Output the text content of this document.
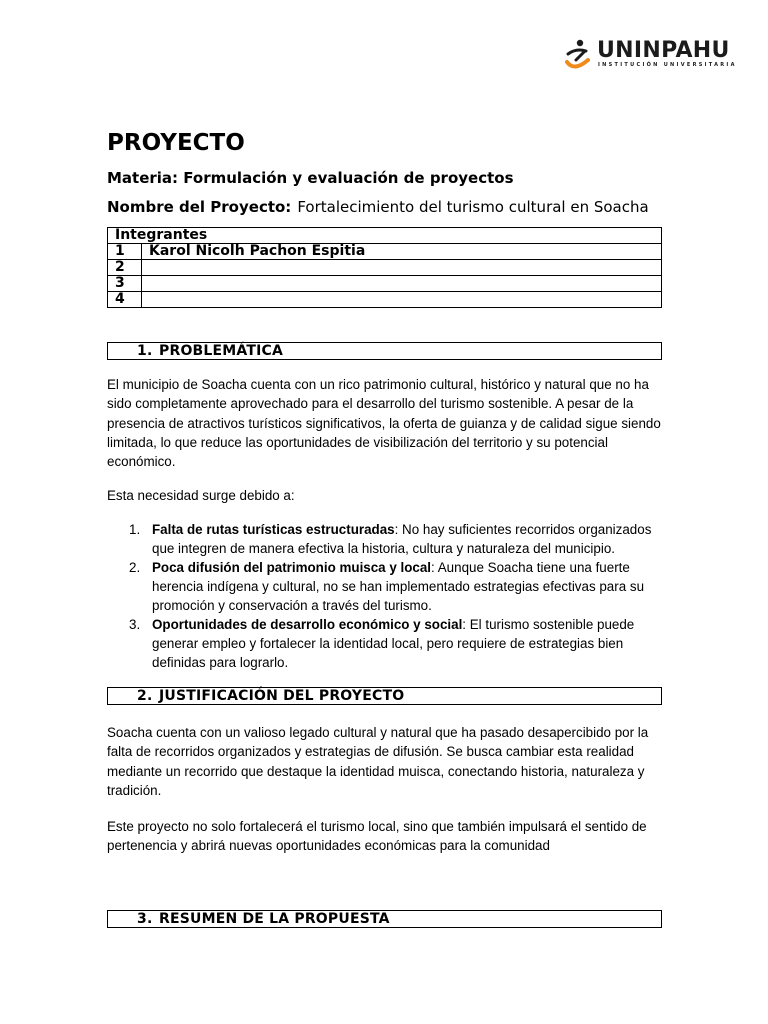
UNINPAHU
INSTITUCIÓN UNIVERSITARIA
PROYECTO
Materia: Formulación y evaluación de proyectos
Nombre del Proyecto: Fortalecimiento del turismo cultural en Soacha
Integrantes	
1	Karol Nicolh Pachon Espitia
2	
3	
4	
1. PROBLEMÁTICA

El municipio de Soacha cuenta con un rico patrimonio cultural, histórico y natural que no ha sido completamente aprovechado para el desarrollo del turismo sostenible. A pesar de la presencia de atractivos turísticos significativos, la oferta de guianza y de calidad sigue siendo limitada, lo que reduce las oportunidades de visibilización del territorio y su potencial económico.

Esta necesidad surge debido a:

1. Falta de rutas turísticas estructuradas: No hay suficientes recorridos organizados que integren de manera efectiva la historia, cultura y naturaleza del municipio.
2. Poca difusión del patrimonio muisca y local: Aunque Soacha tiene una fuerte herencia indígena y cultural, no se han implementado estrategias efectivas para su promoción y conservación a través del turismo.
3. Oportunidades de desarrollo económico y social: El turismo sostenible puede generar empleo y fortalecer la identidad local, pero requiere de estrategias bien definidas para lograrlo.
2. JUSTIFICACIÓN DEL PROYECTO

Soacha cuenta con un valioso legado cultural y natural que ha pasado desapercibido por la falta de recorridos organizados y estrategias de difusión. Se busca cambiar esta realidad mediante un recorrido que destaque la identidad muisca, conectando historia, naturaleza y tradición.

Este proyecto no solo fortalecerá el turismo local, sino que también impulsará el sentido de pertenencia y abrirá nuevas oportunidades económicas para la comunidad

3. RESUMEN DE LA PROPUESTA
